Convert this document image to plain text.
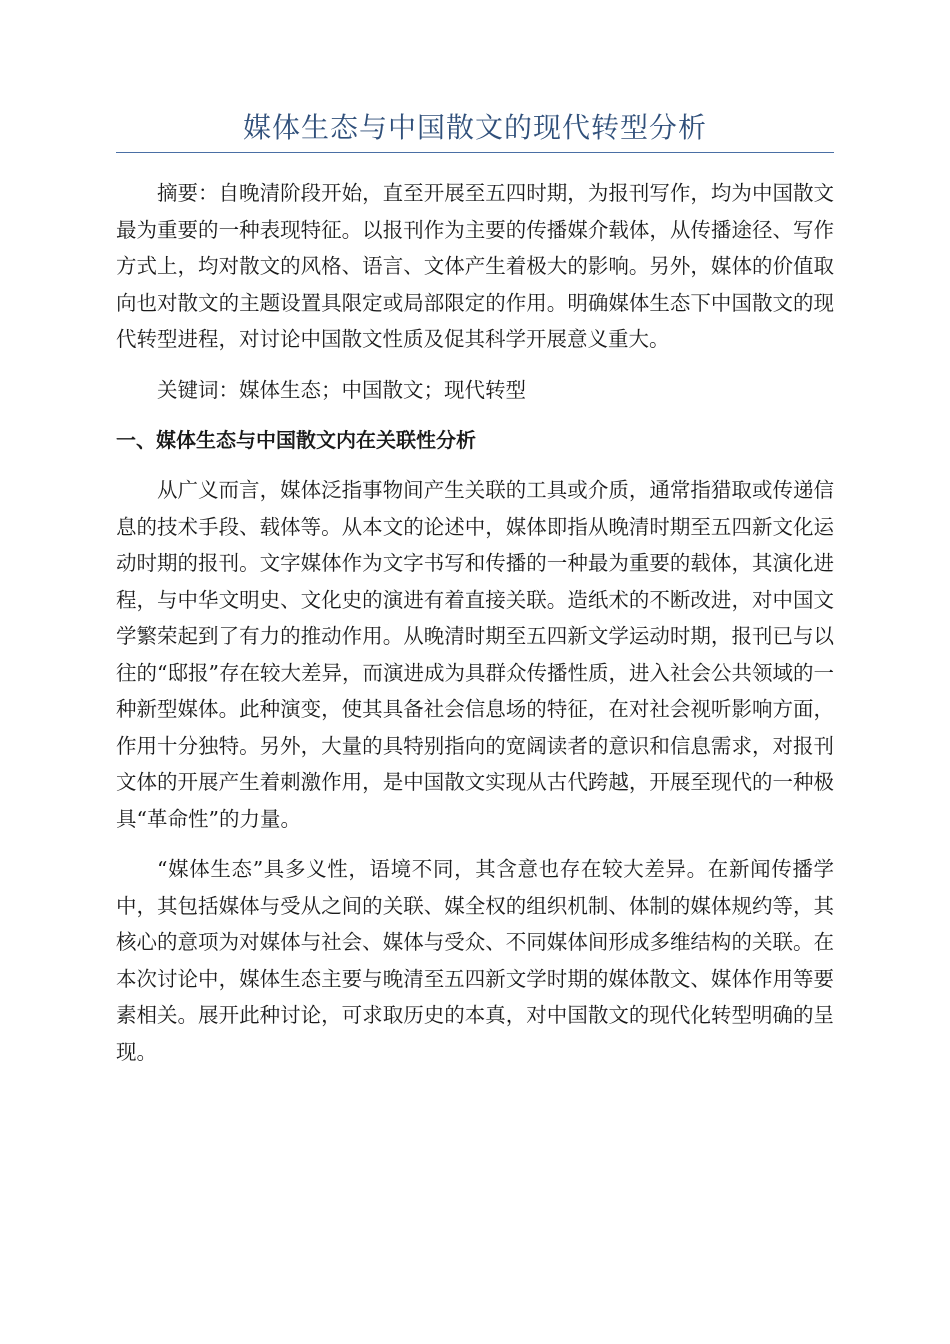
媒体生态与中国散文的现代转型分析

摘要：自晚清阶段开始，直至开展至五四时期，为报刊写作，均为中国散文最为重要的一种表现特征。以报刊作为主要的传播媒介载体，从传播途径、写作方式上，均对散文的风格、语言、文体产生着极大的影响。另外，媒体的价值取向也对散文的主题设置具限定或局部限定的作用。明确媒体生态下中国散文的现代转型进程，对讨论中国散文性质及促其科学开展意义重大。

关键词：媒体生态；中国散文；现代转型

一、媒体生态与中国散文内在关联性分析

从广义而言，媒体泛指事物间产生关联的工具或介质，通常指猎取或传递信息的技术手段、载体等。从本文的论述中，媒体即指从晚清时期至五四新文化运动时期的报刊。文字媒体作为文字书写和传播的一种最为重要的载体，其演化进程，与中华文明史、文化史的演进有着直接关联。造纸术的不断改进，对中国文学繁荣起到了有力的推动作用。从晚清时期至五四新文学运动时期，报刊已与以往的“邸报”存在较大差异，而演进成为具群众传播性质，进入社会公共领域的一种新型媒体。此种演变，使其具备社会信息场的特征，在对社会视听影响方面，作用十分独特。另外，大量的具特别指向的宽阔读者的意识和信息需求，对报刊文体的开展产生着刺激作用，是中国散文实现从古代跨越，开展至现代的一种极具“革命性”的力量。

“媒体生态”具多义性，语境不同，其含意也存在较大差异。在新闻传播学中，其包括媒体与受从之间的关联、媒全权的组织机制、体制的媒体规约等，其核心的意项为对媒体与社会、媒体与受众、不同媒体间形成多维结构的关联。在本次讨论中，媒体生态主要与晚清至五四新文学时期的媒体散文、媒体作用等要素相关。展开此种讨论，可求取历史的本真，对中国散文的现代化转型明确的呈现。
